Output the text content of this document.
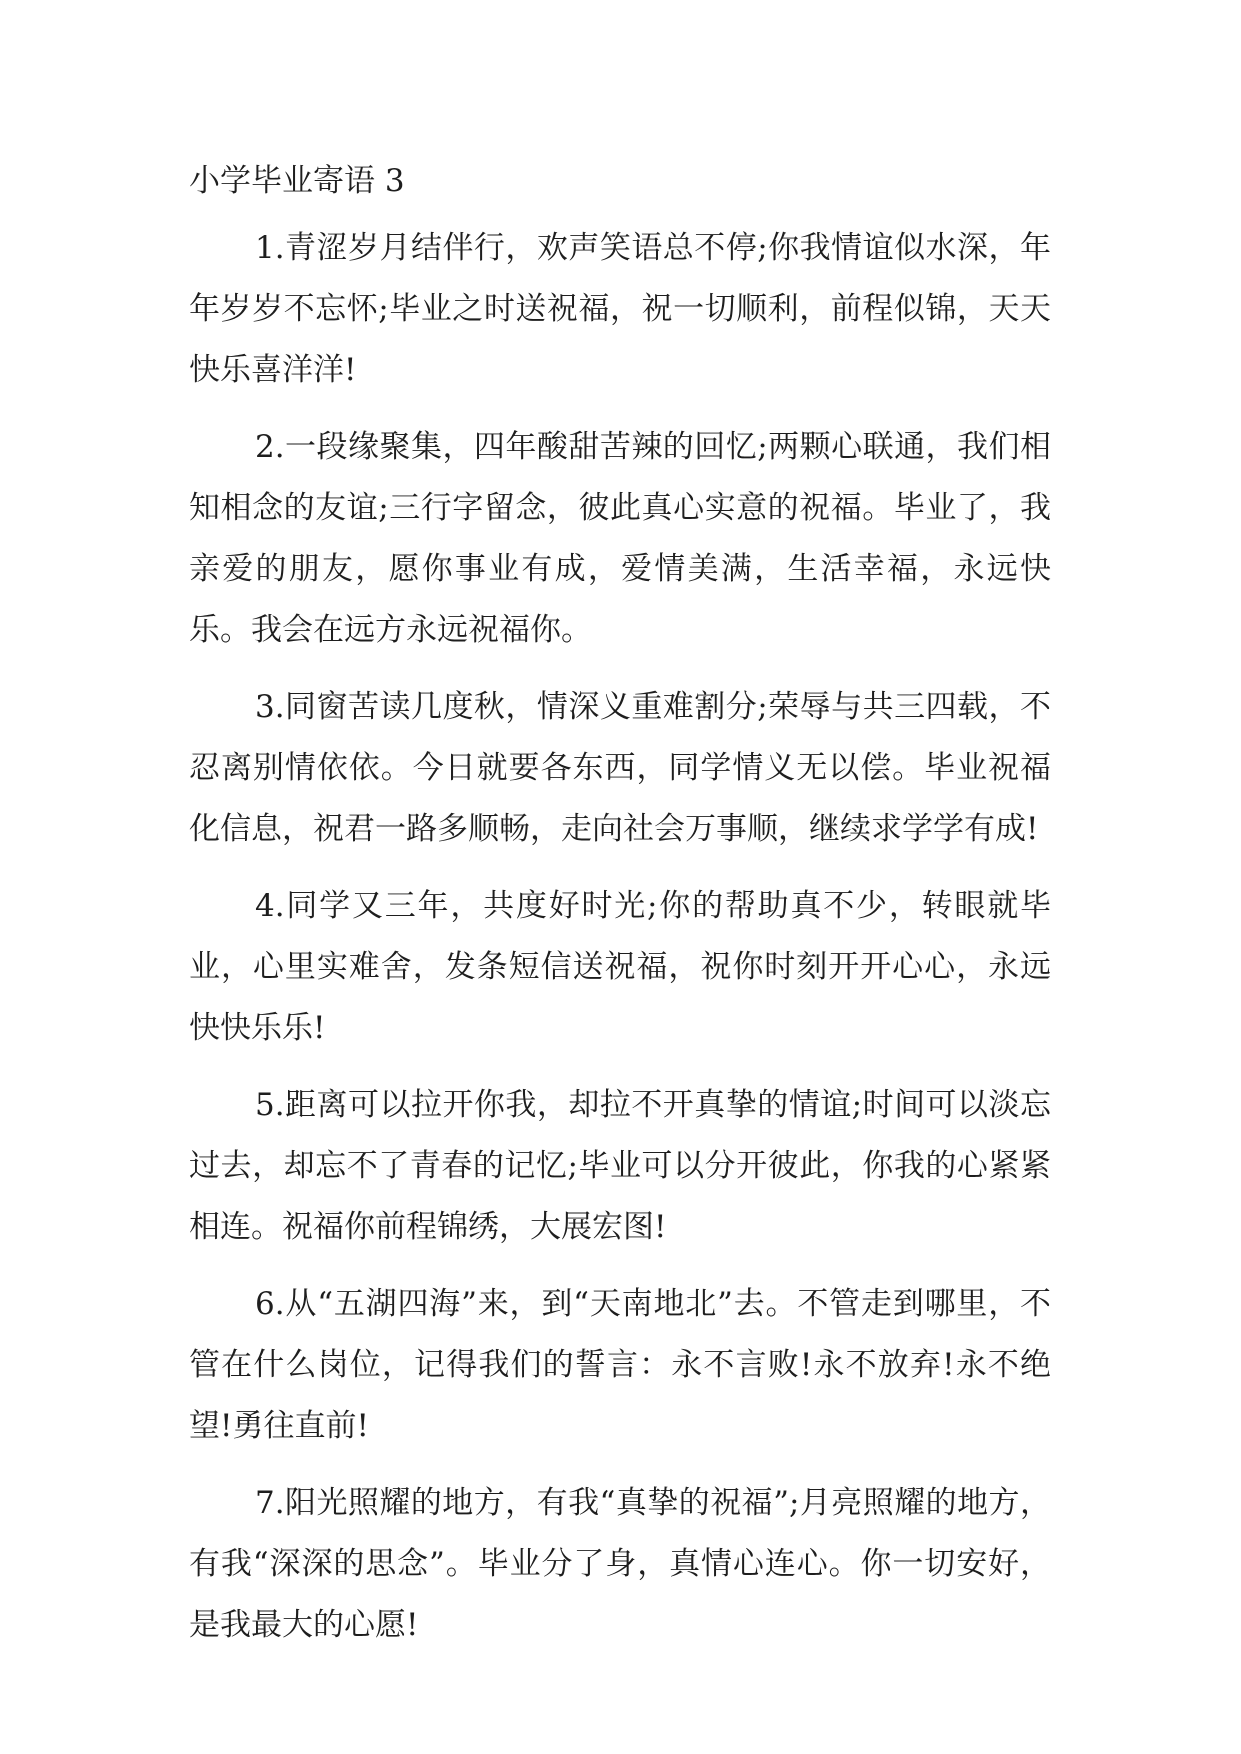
小学毕业寄语 3

1.青涩岁月结伴行，欢声笑语总不停;你我情谊似水深，年年岁岁不忘怀;毕业之时送祝福，祝一切顺利，前程似锦，天天快乐喜洋洋!

2.一段缘聚集，四年酸甜苦辣的回忆;两颗心联通，我们相知相念的友谊;三行字留念，彼此真心实意的祝福。毕业了，我亲爱的朋友，愿你事业有成，爱情美满，生活幸福，永远快乐。我会在远方永远祝福你。

3.同窗苦读几度秋，情深义重难割分;荣辱与共三四载，不忍离别情依依。今日就要各东西，同学情义无以偿。毕业祝福化信息，祝君一路多顺畅，走向社会万事顺，继续求学学有成!

4.同学又三年，共度好时光;你的帮助真不少，转眼就毕业，心里实难舍，发条短信送祝福，祝你时刻开开心心，永远快快乐乐!

5.距离可以拉开你我，却拉不开真挚的情谊;时间可以淡忘过去，却忘不了青春的记忆;毕业可以分开彼此，你我的心紧紧相连。祝福你前程锦绣，大展宏图!

6.从“五湖四海”来，到“天南地北”去。不管走到哪里，不管在什么岗位，记得我们的誓言：永不言败!永不放弃!永不绝望!勇往直前!

7.阳光照耀的地方，有我“真挚的祝福”;月亮照耀的地方，有我“深深的思念”。毕业分了身，真情心连心。你一切安好，是我最大的心愿!
